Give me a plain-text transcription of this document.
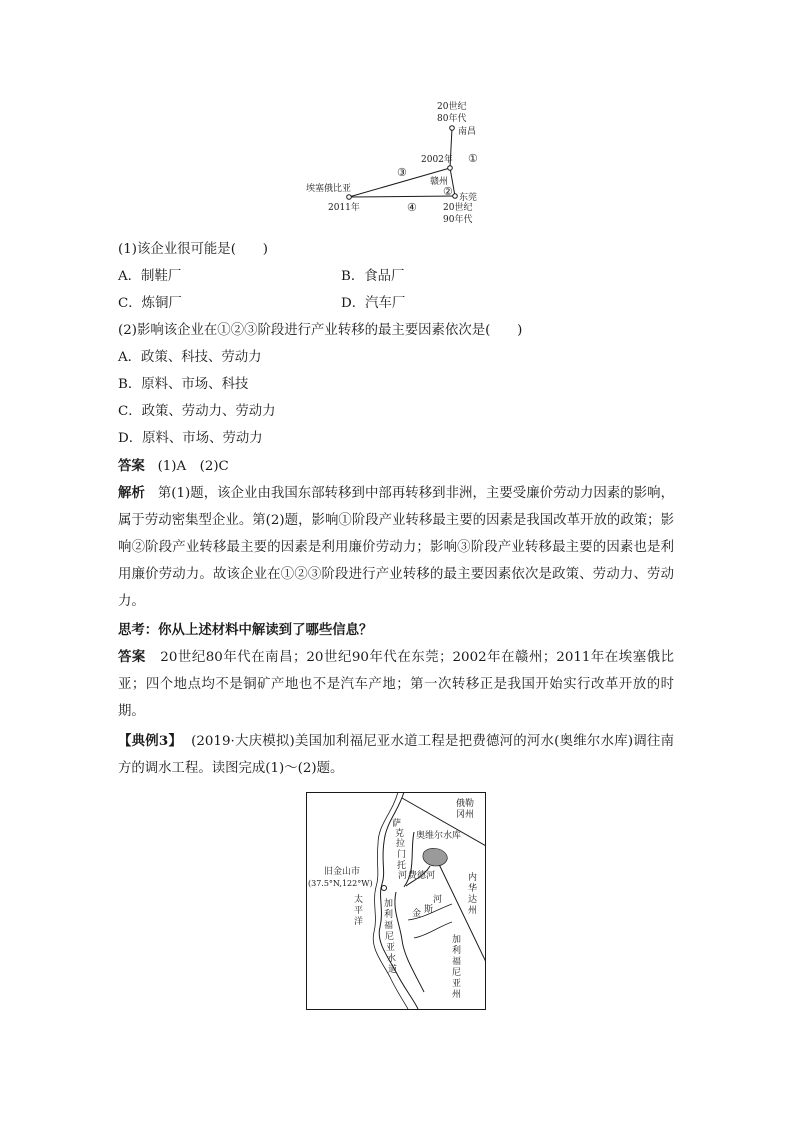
20世纪
80年代
南昌
2002年 ①
③
赣州
② 东莞
埃塞俄比亚
④
2011年	20世纪
90年代
(1)该企业很可能是(　　)
A．制鞋厂	B．食品厂
C．炼铜厂	D．汽车厂
(2)影响该企业在①②③阶段进行产业转移的最主要因素依次是(　　)
A．政策、科技、劳动力
B．原料、市场、科技
C．政策、劳动力、劳动力
D．原料、市场、劳动力
答案 (1)A　(2)C
解析 第(1)题，该企业由我国东部转移到中部再转移到非洲，主要受廉价劳动力因素的影响，属于劳动密集型企业。第(2)题，影响①阶段产业转移最主要的因素是我国改革开放的政策；影响②阶段产业转移最主要的因素是利用廉价劳动力；影响③阶段产业转移最主要的因素也是利用廉价劳动力。故该企业在①②③阶段进行产业转移的最主要因素依次是政策、劳动力、劳动力。
思考：你从上述材料中解读到了哪些信息？
答案 20世纪80年代在南昌；20世纪90年代在东莞；2002年在赣州；2011年在埃塞俄比亚；四个地点均不是铜矿产地也不是汽车产地；第一次转移正是我国开始实行改革开放的时期。
【典例3】 (2019·大庆模拟)美国加利福尼亚水道工程是把费德河的河水(奥维尔水库)调往南方的调水工程。读图完成(1)～(2)题。
俄 勒
冈 州
萨
克
拉
门
托
河
奥维尔水库
费德河
旧金山市
(37.5°N,122°W)
太
平
洋
内
华
达
州
加
利
福
尼
亚
水
道
金 斯
河
加
利
福
尼
亚
州
